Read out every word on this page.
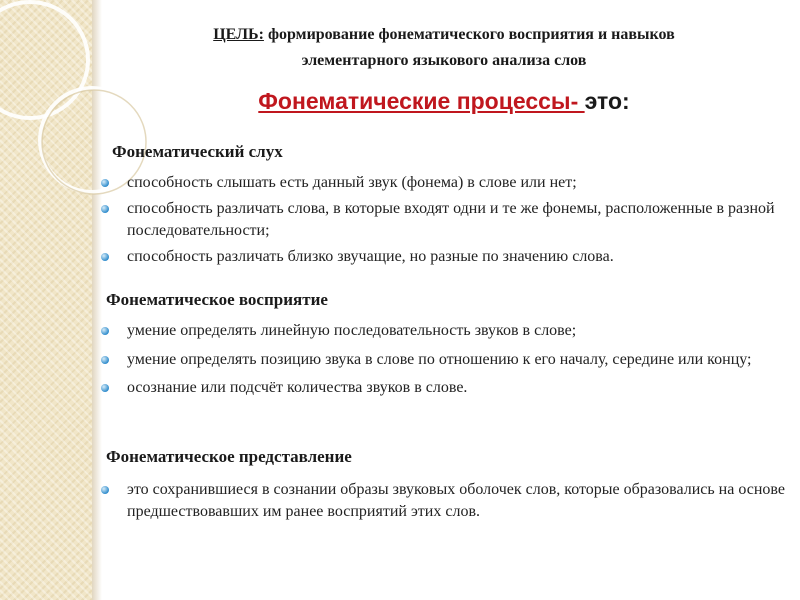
ЦЕЛЬ: формирование фонематического восприятия и навыков
элементарного языкового анализа слов
Фонематические процессы- это:

Фонематический слух

способность слышать есть данный звук (фонема) в слове или нет;
способность различать слова, в которые входят одни и те же фонемы, расположенные в разной последовательности;
способность различать близко звучащие, но разные по значению слова.

Фонематическое восприятие

умение определять линейную последовательность звуков в слове;
умение определять позицию звука в слове по отношению к его началу, середине или концу;
осознание или подсчёт количества звуков в слове.

Фонематическое представление

это сохранившиеся в сознании образы звуковых оболочек слов, которые образовались на основе предшествовавших им ранее восприятий этих слов.
